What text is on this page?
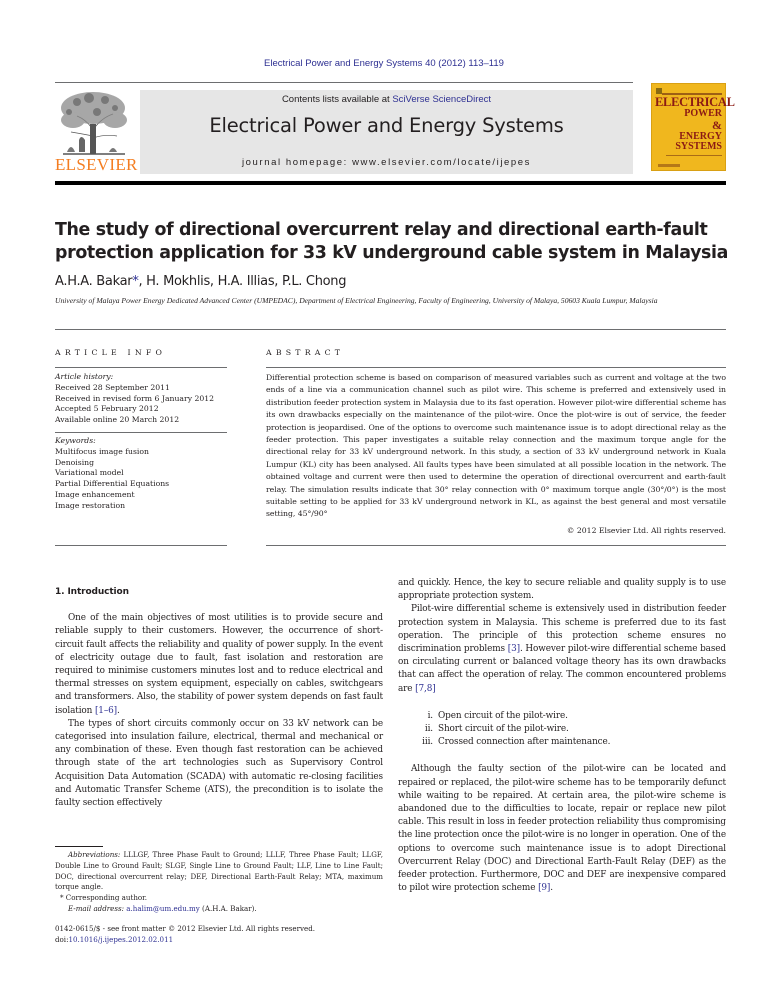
Electrical Power and Energy Systems 40 (2012) 113–119
ELSEVIER
Contents lists available at SciVerse ScienceDirect
Electrical Power and Energy Systems
journal homepage: www.elsevier.com/locate/ijepes
ELECTRICAL
POWER
&
ENERGY
SYSTEMS
The study of directional overcurrent relay and directional earth-fault protection application for 33 kV underground cable system in Malaysia
A.H.A. Bakar*, H. Mokhlis, H.A. Illias, P.L. Chong
University of Malaya Power Energy Dedicated Advanced Center (UMPEDAC), Department of Electrical Engineering, Faculty of Engineering, University of Malaya, 50603 Kuala Lumpur, Malaysia
ARTICLE INFO	ABSTRACT
Article history:
Received 28 September 2011
Received in revised form 6 January 2012
Accepted 5 February 2012
Available online 20 March 2012
Keywords:
Multifocus image fusion
Denoising
Variational model
Partial Differential Equations
Image enhancement
Image restoration
Differential protection scheme is based on comparison of measured variables such as current and voltage at the two ends of a line via a communication channel such as pilot wire. This scheme is preferred and extensively used in distribution feeder protection system in Malaysia due to its fast operation. However pilot-wire differential scheme has its own drawbacks especially on the maintenance of the pilot-wire. Once the plot-wire is out of service, the feeder protection is jeopardised. One of the options to overcome such maintenance issue is to adopt directional relay as the feeder protection. This paper investigates a suitable relay connection and the maximum torque angle for the directional relay for 33 kV underground network. In this study, a section of 33 kV underground network in Kuala Lumpur (KL) city has been analysed. All faults types have been simulated at all possible location in the network. The obtained voltage and current were then used to determine the operation of directional overcurrent and earth-fault relay. The simulation results indicate that 30° relay connection with 0° maximum torque angle (30°/0°) is the most suitable setting to be applied for 33 kV underground network in KL, as against the best general and most versatile setting, 45°/90°
© 2012 Elsevier Ltd. All rights reserved.
1. Introduction

One of the main objectives of most utilities is to provide secure and reliable supply to their customers. However, the occurrence of short-circuit fault affects the reliability and quality of power supply. In the event of electricity outage due to fault, fast isolation and restoration are required to minimise customers minutes lost and to reduce electrical and thermal stresses on system equipment, especially on cables, switchgears and transformers. Also, the stability of power system depends on fast fault isolation [1–6].

The types of short circuits commonly occur on 33 kV network can be categorised into insulation failure, electrical, thermal and mechanical or any combination of these. Even though fast restoration can be achieved through state of the art technologies such as Supervisory Control Acquisition Data Automation (SCADA) with automatic re-closing facilities and Automatic Transfer Scheme (ATS), the precondition is to isolate the faulty section effectively

and quickly. Hence, the key to secure reliable and quality supply is to use appropriate protection system.

Pilot-wire differential scheme is extensively used in distribution feeder protection system in Malaysia. This scheme is preferred due to its fast operation. The principle of this protection scheme ensures no discrimination problems [3]. However pilot-wire differential scheme based on circulating current or balanced voltage theory has its own drawbacks that can affect the operation of relay. The common encountered problems are [7,8]

i. Open circuit of the pilot-wire.
ii. Short circuit of the pilot-wire.
iii. Crossed connection after maintenance.

Although the faulty section of the pilot-wire can be located and repaired or replaced, the pilot-wire scheme has to be temporarily defunct while waiting to be repaired. At certain area, the pilot-wire scheme is abandoned due to the difficulties to locate, repair or replace new pilot cable. This result in loss in feeder protection reliability thus compromising the line protection once the pilot-wire is no longer in operation. One of the options to overcome such maintenance issue is to adopt Directional Overcurrent Relay (DOC) and Directional Earth-Fault Relay (DEF) as the feeder protection. Furthermore, DOC and DEF are inexpensive compared to pilot wire protection scheme [9].

Abbreviations: LLLGF, Three Phase Fault to Ground; LLLF, Three Phase Fault; LLGF, Double Line to Ground Fault; SLGF, Single Line to Ground Fault; LLF, Line to Line Fault; DOC, directional overcurrent relay; DEF, Directional Earth-Fault Relay; MTA, maximum torque angle.
* Corresponding author.
E-mail address: a.halim@um.edu.my (A.H.A. Bakar).
0142-0615/$ - see front matter © 2012 Elsevier Ltd. All rights reserved.
doi:10.1016/j.ijepes.2012.02.011
